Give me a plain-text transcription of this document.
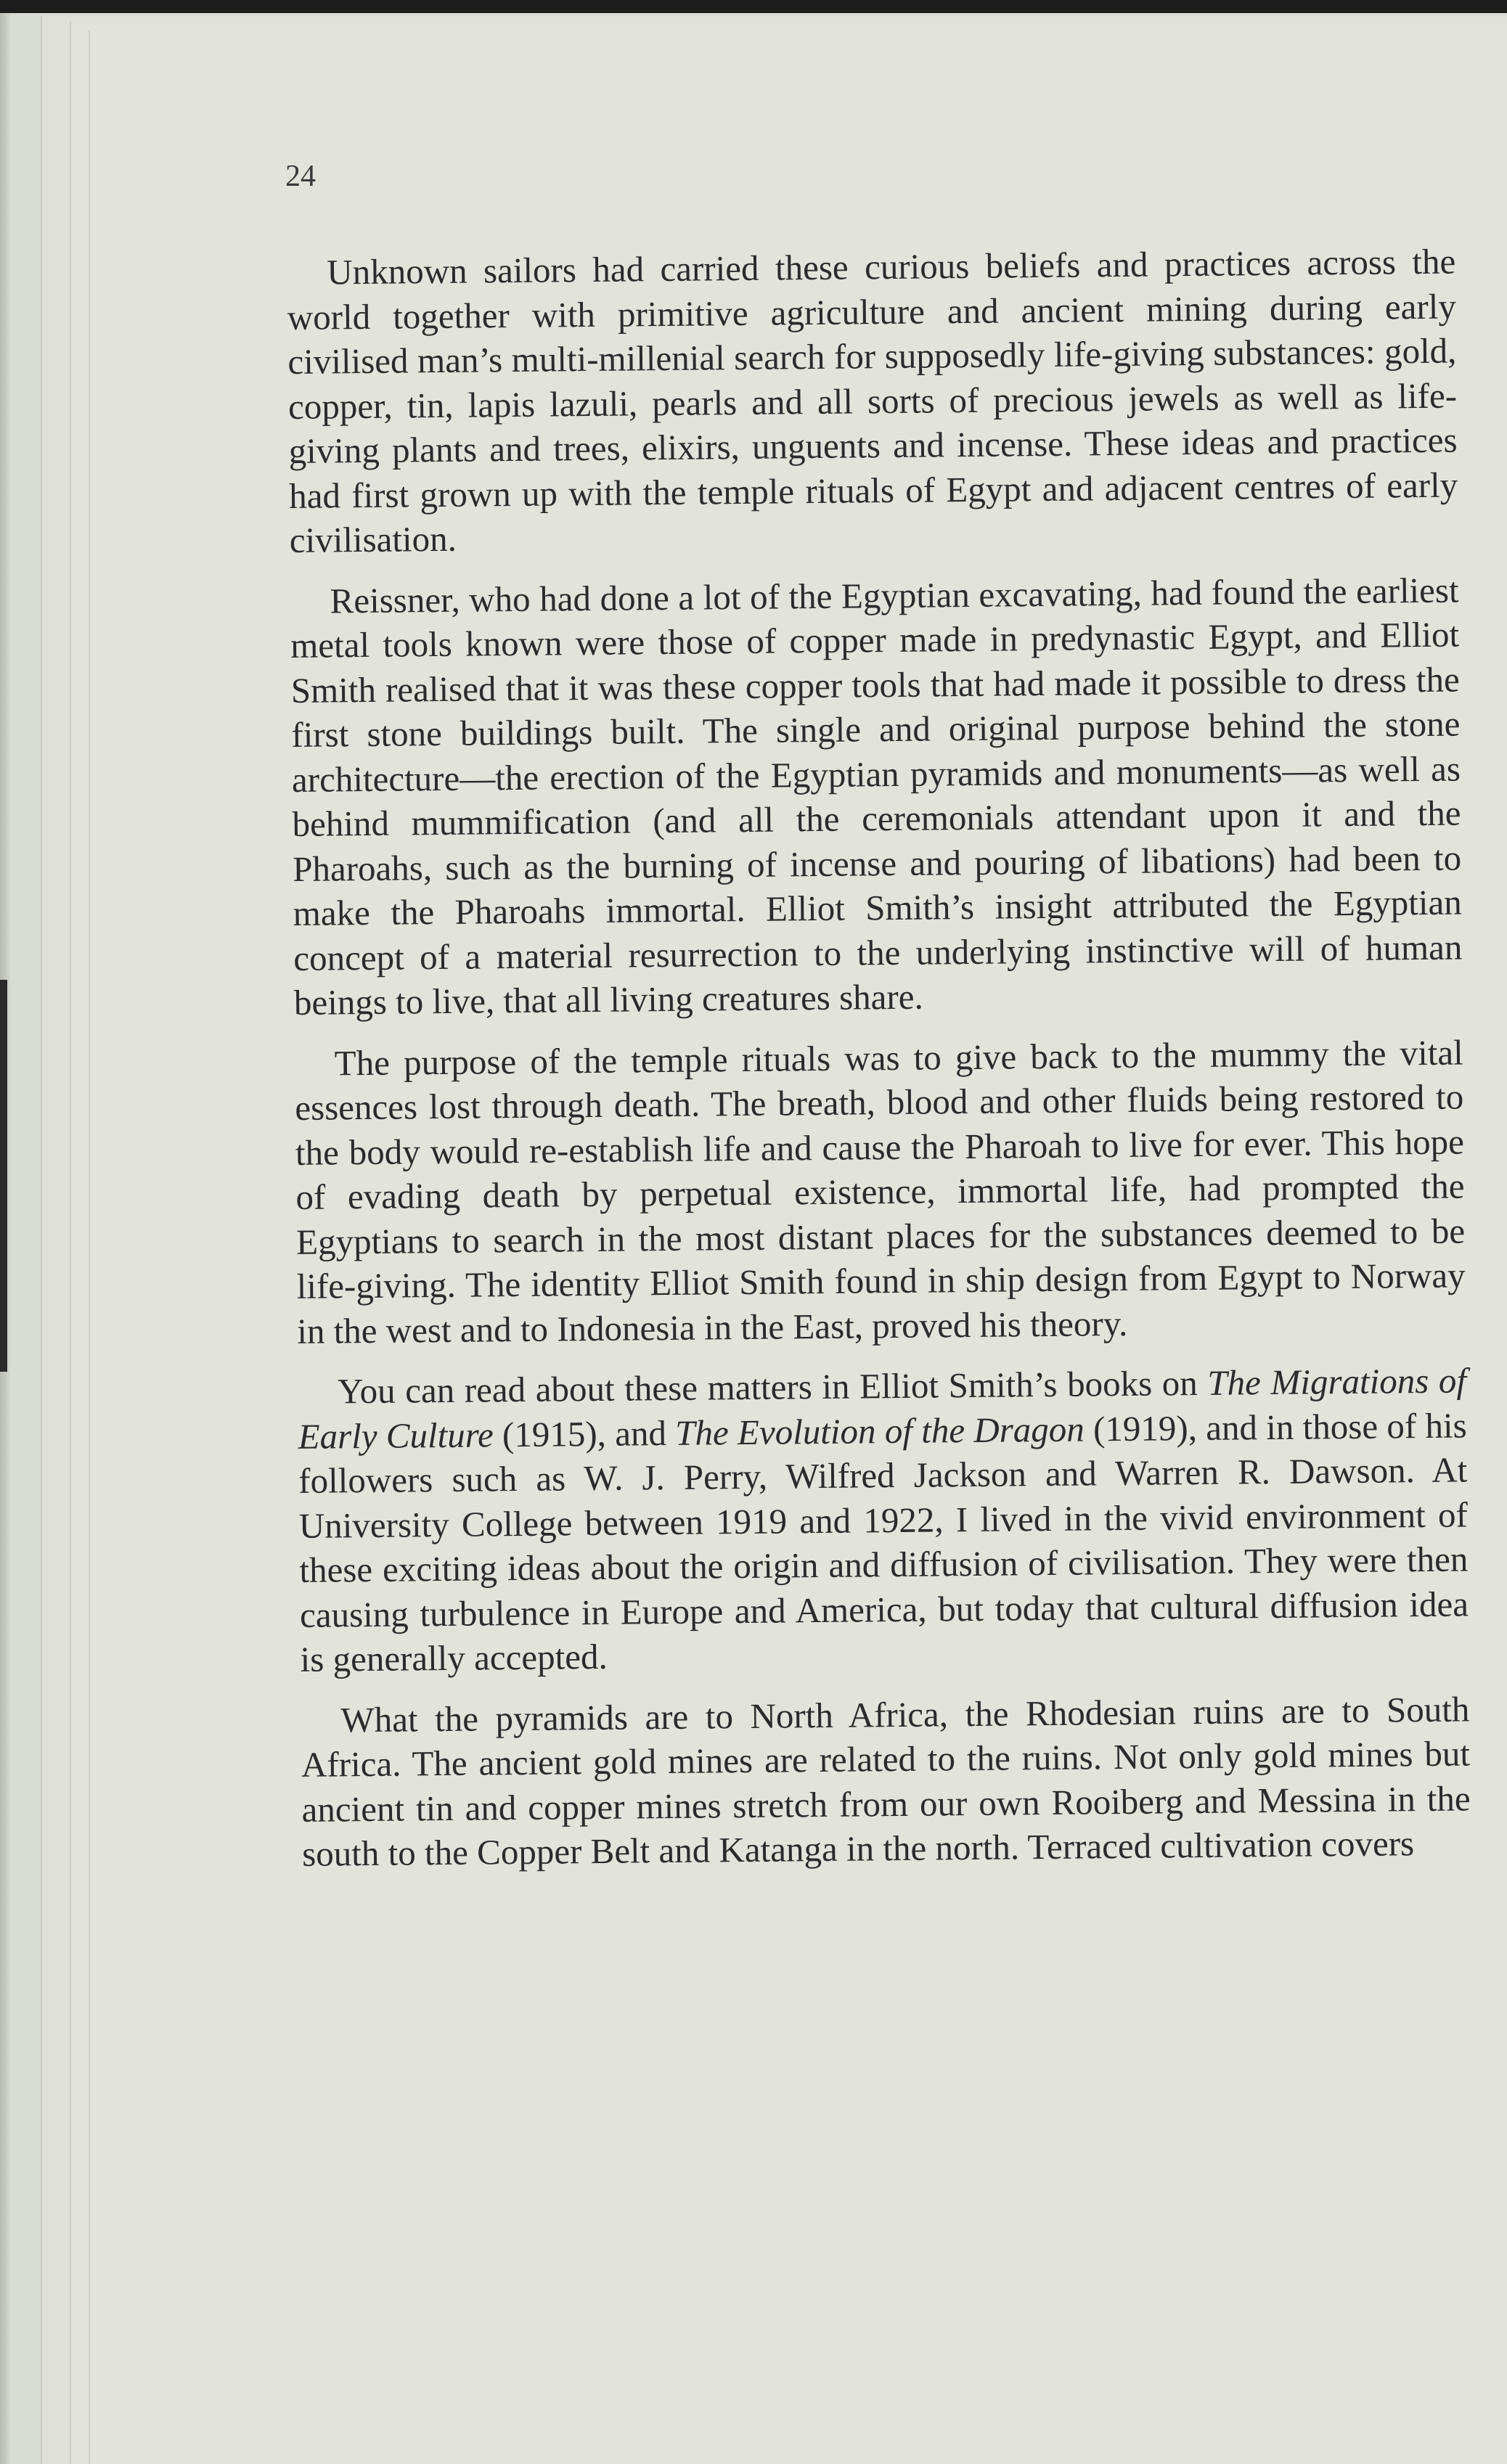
24

Unknown sailors had carried these curious beliefs and practices across the world together with primitive agriculture and ancient mining during early civilised man’s multi-millenial search for supposedly life-giving substances: gold, copper, tin, lapis lazuli, pearls and all sorts of precious jewels as well as life-giving plants and trees, elixirs, unguents and incense. These ideas and practices had first grown up with the temple rituals of Egypt and adjacent centres of early civilisation.

Reissner, who had done a lot of the Egyptian excavating, had found the earliest metal tools known were those of copper made in predynastic Egypt, and Elliot Smith realised that it was these copper tools that had made it possible to dress the first stone buildings built. The single and original purpose behind the stone architecture—the erection of the Egyptian pyramids and monuments—as well as behind mummification (and all the ceremonials attendant upon it and the Pharoahs, such as the burning of incense and pouring of libations) had been to make the Pharoahs immortal. Elliot Smith’s insight attributed the Egyptian concept of a material resurrection to the underlying instinctive will of human beings to live, that all living creatures share.

The purpose of the temple rituals was to give back to the mummy the vital essences lost through death. The breath, blood and other fluids being restored to the body would re-establish life and cause the Pharoah to live for ever. This hope of evading death by perpetual existence, immortal life, had prompted the Egyptians to search in the most distant places for the substances deemed to be life-giving. The identity Elliot Smith found in ship design from Egypt to Norway in the west and to Indonesia in the East, proved his theory.

You can read about these matters in Elliot Smith’s books on The Migrations of Early Culture (1915), and The Evolution of the Dragon (1919), and in those of his followers such as W. J. Perry, Wilfred Jackson and Warren R. Dawson. At University College between 1919 and 1922, I lived in the vivid environment of these exciting ideas about the origin and diffusion of civilisation. They were then causing turbulence in Europe and America, but today that cultural diffusion idea is generally accepted.

What the pyramids are to North Africa, the Rhodesian ruins are to South Africa. The ancient gold mines are related to the ruins. Not only gold mines but ancient tin and copper mines stretch from our own Rooiberg and Messina in the south to the Copper Belt and Katanga in the north. Terraced cultivation covers
